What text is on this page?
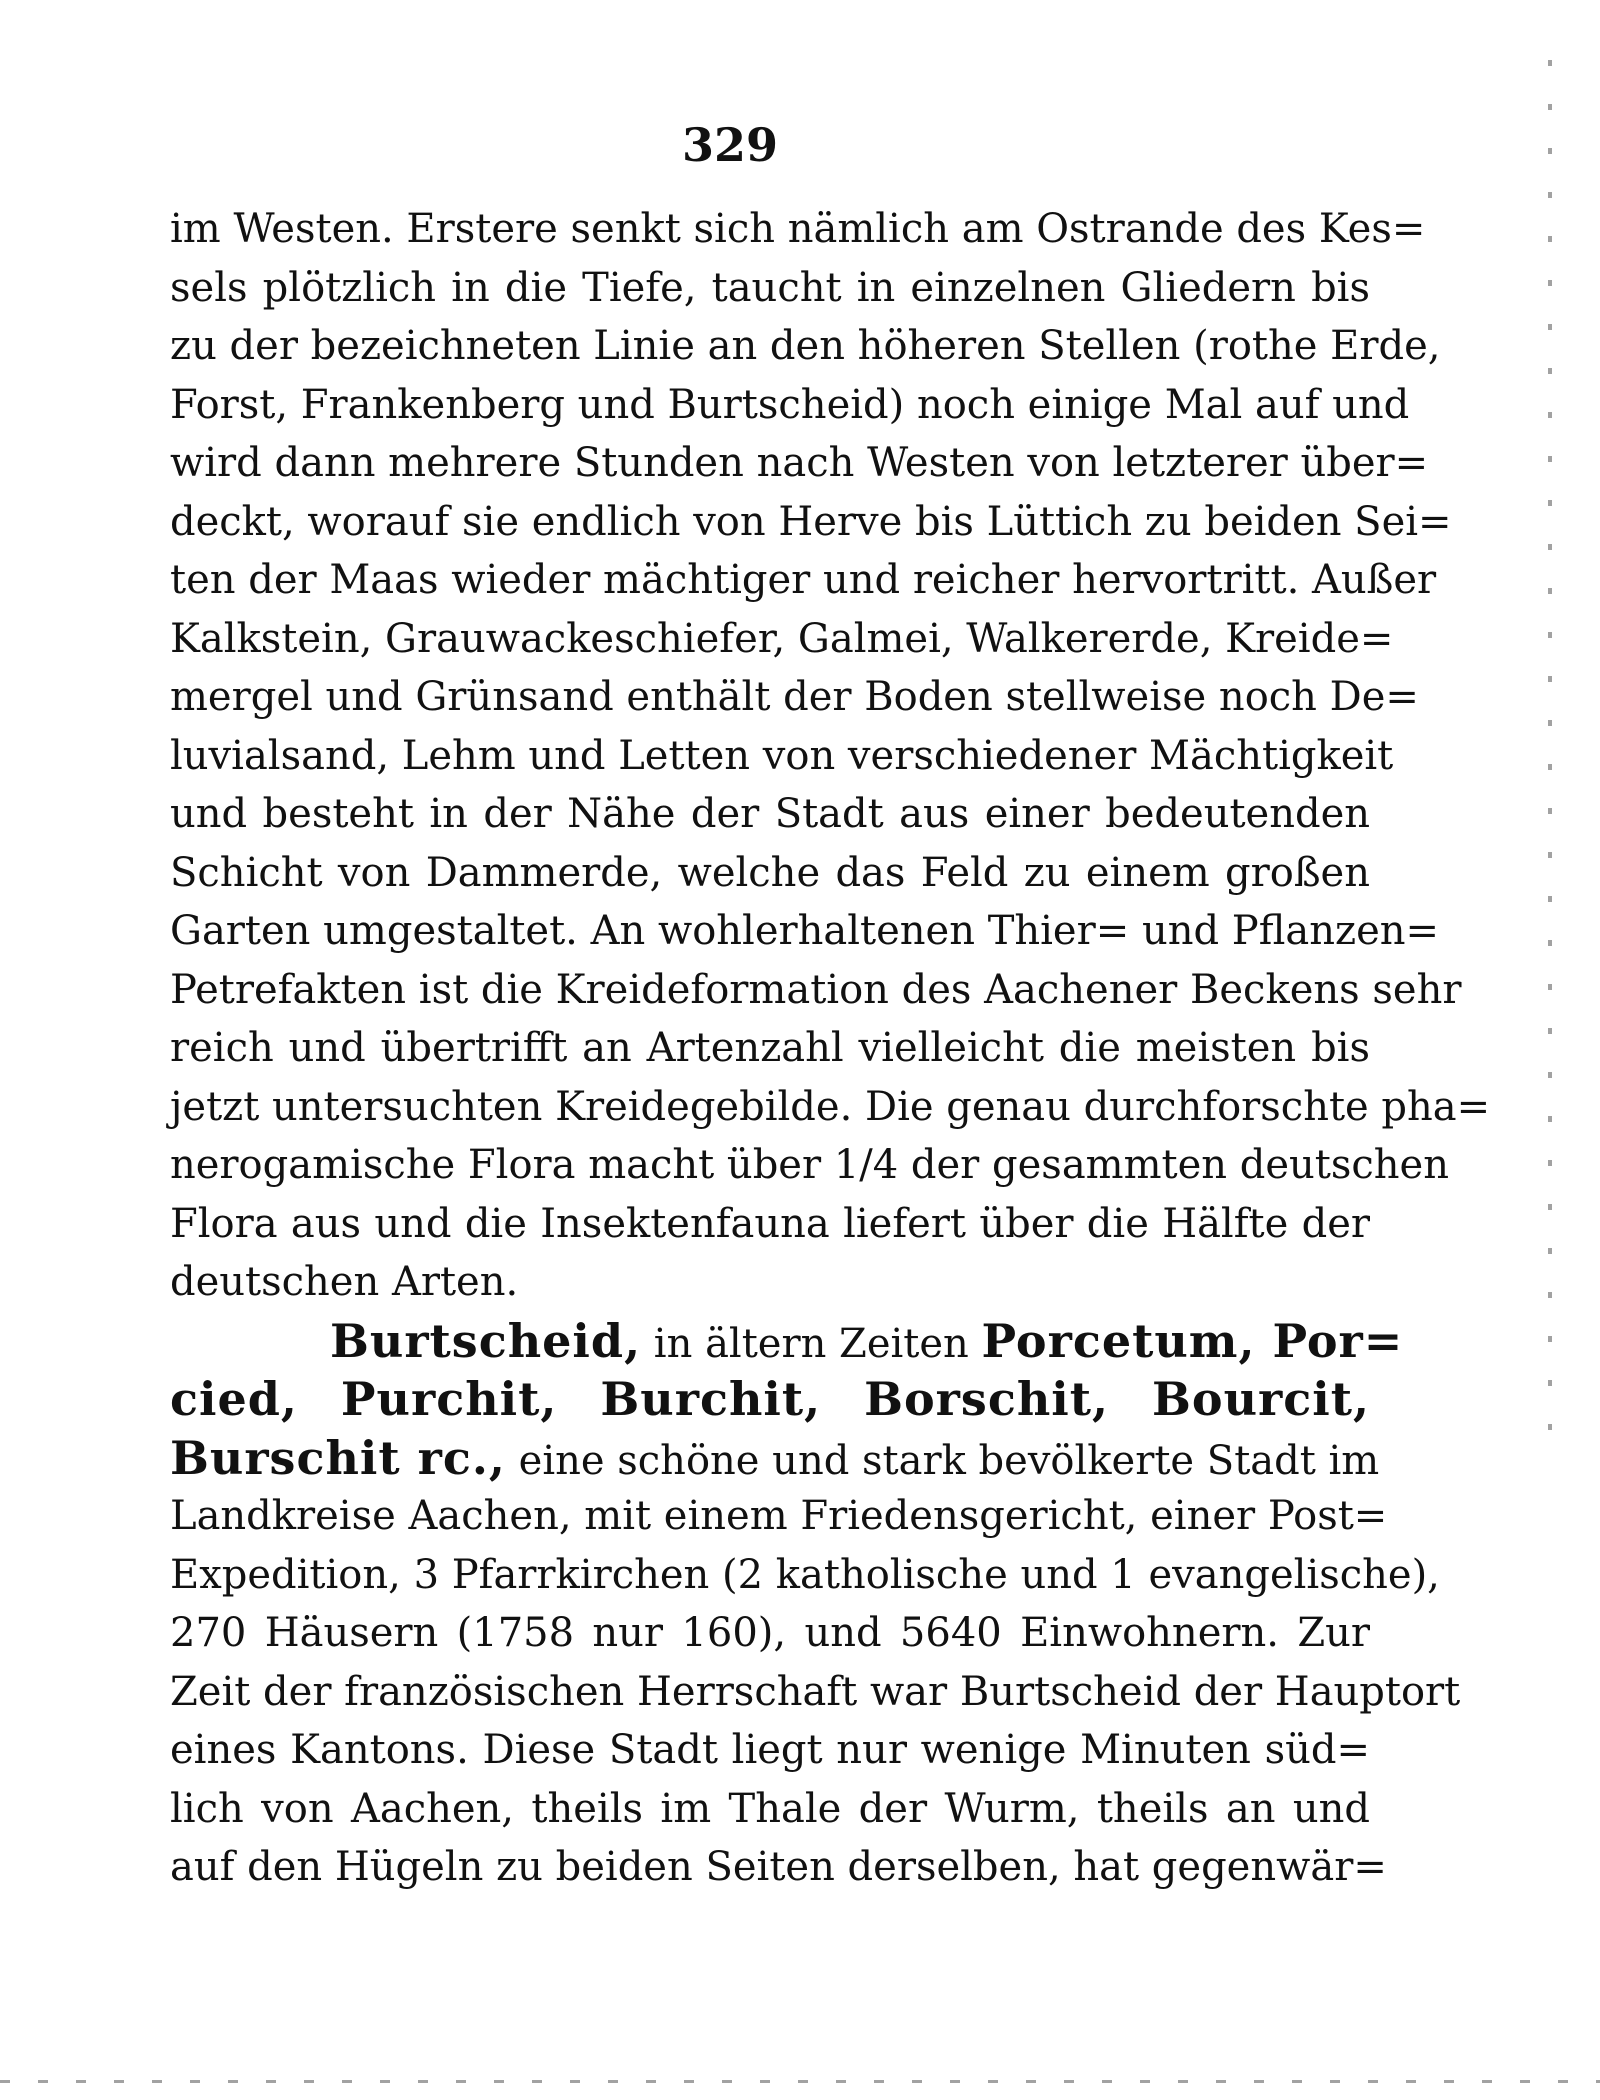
329
im Westen. Erstere senkt sich nämlich am Ostrande des Kes=
sels plötzlich in die Tiefe, taucht in einzelnen Gliedern bis
zu der bezeichneten Linie an den höheren Stellen (rothe Erde,
Forst, Frankenberg und Burtscheid) noch einige Mal auf und
wird dann mehrere Stunden nach Westen von letzterer über=
deckt, worauf sie endlich von Herve bis Lüttich zu beiden Sei=
ten der Maas wieder mächtiger und reicher hervortritt. Außer
Kalkstein, Grauwackeschiefer, Galmei, Walkererde, Kreide=
mergel und Grünsand enthält der Boden stellweise noch De=
luvialsand, Lehm und Letten von verschiedener Mächtigkeit
und besteht in der Nähe der Stadt aus einer bedeutenden
Schicht von Dammerde, welche das Feld zu einem großen
Garten umgestaltet. An wohlerhaltenen Thier= und Pflanzen=
Petrefakten ist die Kreideformation des Aachener Beckens sehr
reich und übertrifft an Artenzahl vielleicht die meisten bis
jetzt untersuchten Kreidegebilde. Die genau durchforschte pha=
nerogamische Flora macht über 1/4 der gesammten deutschen
Flora aus und die Insektenfauna liefert über die Hälfte der
deutschen Arten.
Burtscheid, in ältern Zeiten Porcetum, Por=
cied, Purchit, Burchit, Borschit, Bourcit,
Burschit rc., eine schöne und stark bevölkerte Stadt im
Landkreise Aachen, mit einem Friedensgericht, einer Post=
Expedition, 3 Pfarrkirchen (2 katholische und 1 evangelische),
270 Häusern (1758 nur 160), und 5640 Einwohnern. Zur
Zeit der französischen Herrschaft war Burtscheid der Hauptort
eines Kantons. Diese Stadt liegt nur wenige Minuten süd=
lich von Aachen, theils im Thale der Wurm, theils an und
auf den Hügeln zu beiden Seiten derselben, hat gegenwär=
